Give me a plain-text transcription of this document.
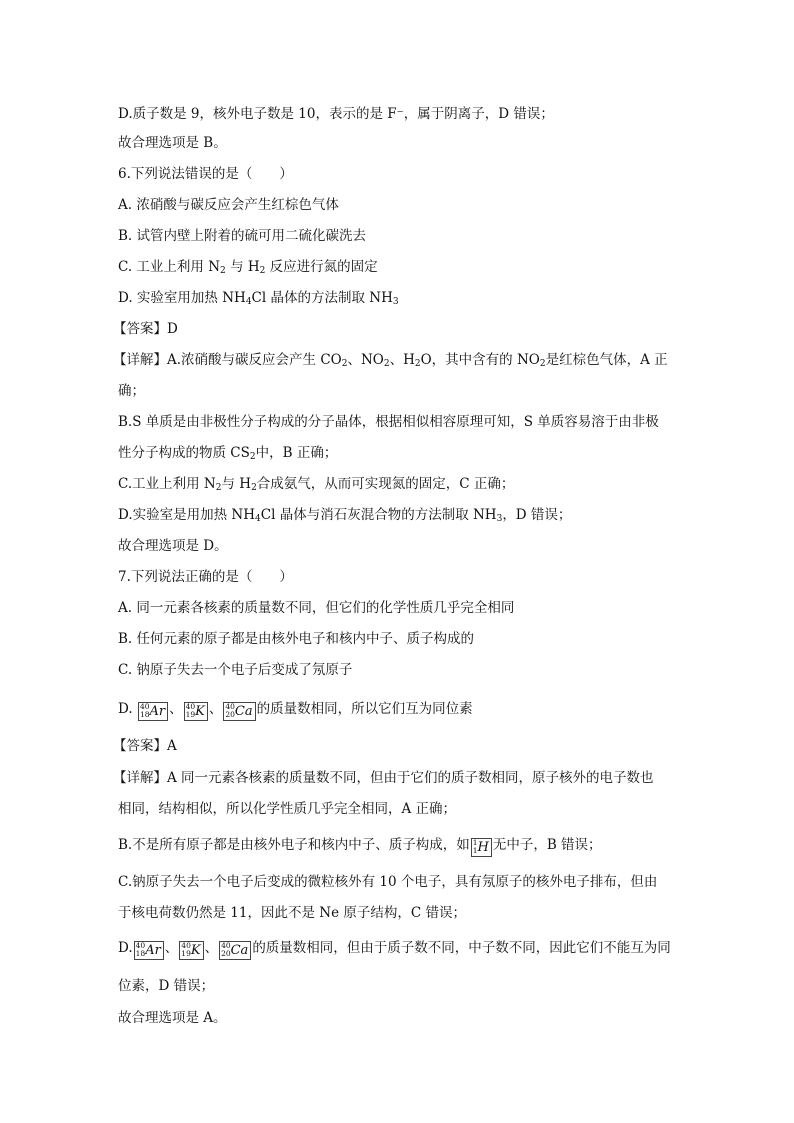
D.质子数是 9，核外电子数是 10，表示的是 F⁻，属于阴离子，D 错误；
故合理选项是 B。
6.下列说法错误的是（　　）
A. 浓硝酸与碳反应会产生红棕色气体
B. 试管内壁上附着的硫可用二硫化碳洗去
C. 工业上利用 $N_2$ 与 $H_2$ 反应进行氮的固定
D. 实验室用加热 $NH_4Cl$ 晶体的方法制取 $NH_3$
【答案】D
【详解】A.浓硝酸与碳反应会产生 $CO_2$、$NO_2$、$H_2O$，其中含有的 $NO_2$是红棕色气体，A 正
确；
B.S 单质是由非极性分子构成的分子晶体，根据相似相容原理可知，S 单质容易溶于由非极
性分子构成的物质 $CS_2$中，B 正确；
C.工业上利用 $N_2$与 $H_2$合成氨气，从而可实现氮的固定，C 正确；
D.实验室是用加热 $NH_4Cl$ 晶体与消石灰混合物的方法制取 $NH_3$，D 错误；
故合理选项是 D。
7.下列说法正确的是（　　）
A. 同一元素各核素的质量数不同，但它们的化学性质几乎完全相同
B. 任何元素的原子都是由核外电子和核内中子、质子构成的
C. 钠原子失去一个电子后变成了氖原子
D. 40
18 Ar 、 40
19 K 、 40
20 Ca 的质量数相同，所以它们互为同位素
【答案】A
【详解】A 同一元素各核素的质量数不同，但由于它们的质子数相同，原子核外的电子数也
相同，结构相似，所以化学性质几乎完全相同，A 正确；
B.不是所有原子都是由核外电子和核内中子、质子构成，如 1
1 H 无中子，B 错误；
C.钠原子失去一个电子后变成的微粒核外有 10 个电子，具有氖原子的核外电子排布，但由
于核电荷数仍然是 11，因此不是 Ne 原子结构，C 错误；
D. 40
18 Ar 、 40
19 K 、 40
20 Ca 的质量数相同，但由于质子数不同，中子数不同，因此它们不能互为同
位素，D 错误；
故合理选项是 A。
